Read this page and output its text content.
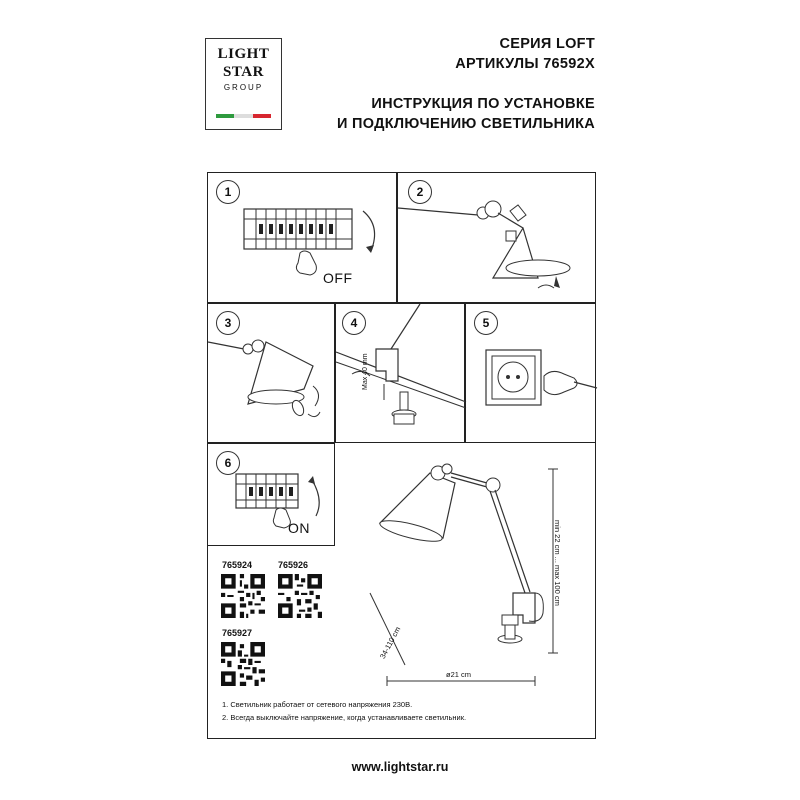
LIGHT
STAR
GROUP
СЕРИЯ LOFT
АРТИКУЛЫ 76592X
ИНСТРУКЦИЯ ПО УСТАНОВКЕ
И ПОДКЛЮЧЕНИЮ СВЕТИЛЬНИКА
1
OFF
2
3	4
Max 40 mm
5
6
ON
765924	765926
765927
min 22 cm ... max 100 cm
34-110 cm
ø21 cm
1. Светильник работает от сетевого напряжения 230В.
2. Всегда выключайте напряжение, когда устанавливаете светильник.
www.lightstar.ru
